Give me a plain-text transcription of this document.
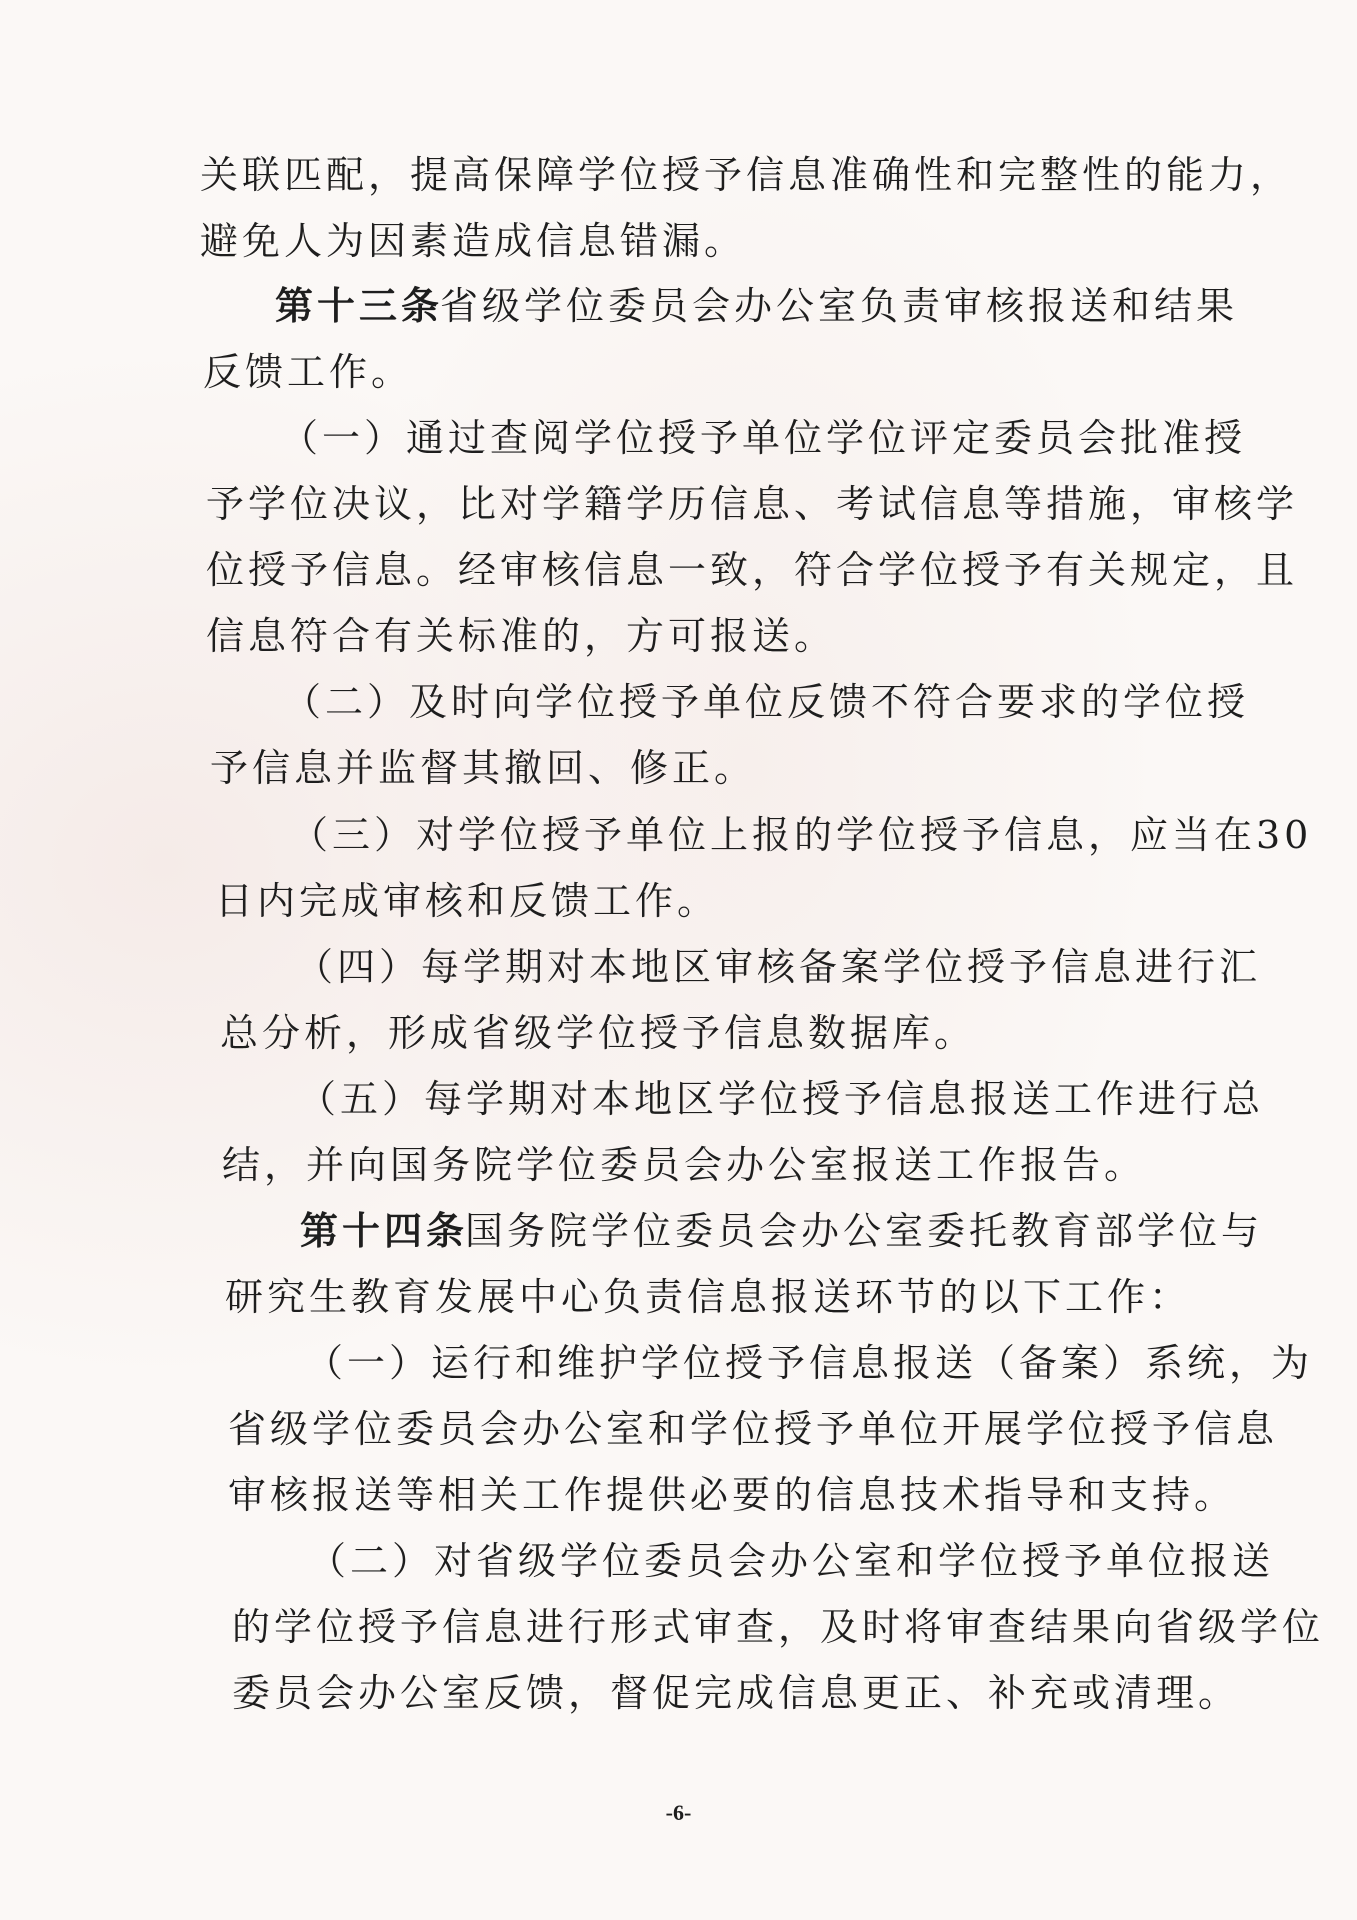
关联匹配，提高保障学位授予信息准确性和完整性的能力，
避免人为因素造成信息错漏。
第十三条
省级学位委员会办公室负责审核报送和结果
反馈工作。
（一）通过查阅学位授予单位学位评定委员会批准授
予学位决议，比对学籍学历信息、考试信息等措施，审核学
位授予信息。经审核信息一致，符合学位授予有关规定，且
信息符合有关标准的，方可报送。
（二）及时向学位授予单位反馈不符合要求的学位授
予信息并监督其撤回、修正。
（三）对学位授予单位上报的学位授予信息，应当在30
日内完成审核和反馈工作。
（四）每学期对本地区审核备案学位授予信息进行汇
总分析，形成省级学位授予信息数据库。
（五）每学期对本地区学位授予信息报送工作进行总
结，并向国务院学位委员会办公室报送工作报告。
第十四条
国务院学位委员会办公室委托教育部学位与
研究生教育发展中心负责信息报送环节的以下工作：
（一）运行和维护学位授予信息报送（备案）系统，为
省级学位委员会办公室和学位授予单位开展学位授予信息
审核报送等相关工作提供必要的信息技术指导和支持。
（二）对省级学位委员会办公室和学位授予单位报送
的学位授予信息进行形式审查，及时将审查结果向省级学位
委员会办公室反馈，督促完成信息更正、补充或清理。
-6-
